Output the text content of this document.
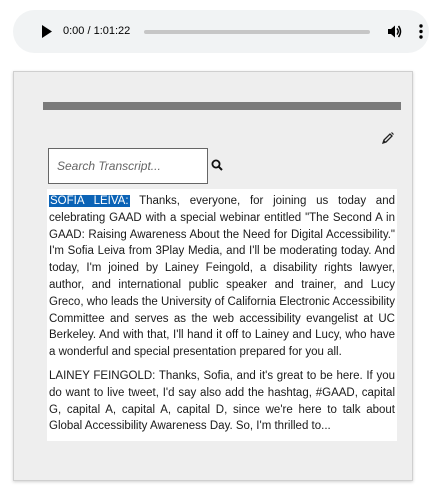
0:00 / 1:01:22
Search Transcript...

SOFIA LEIVA: Thanks, everyone, for joining us today and celebrating GAAD with a special webinar entitled "The Second A in GAAD: Raising Awareness About the Need for Digital Accessibility." I'm Sofia Leiva from 3Play Media, and I'll be moderating today. And today, I'm joined by Lainey Feingold, a disability rights lawyer, author, and international public speaker and trainer, and Lucy Greco, who leads the University of California Electronic Accessibility Committee and serves as the web accessibility evangelist at UC Berkeley. And with that, I'll hand it off to Lainey and Lucy, who have a wonderful and special presentation prepared for you all.

LAINEY FEINGOLD: Thanks, Sofia, and it's great to be here. If you do want to live tweet, I'd say also add the hashtag, #GAAD, capital G, capital A, capital A, capital D, since we're here to talk about Global Accessibility Awareness Day. So, I'm thrilled to...
